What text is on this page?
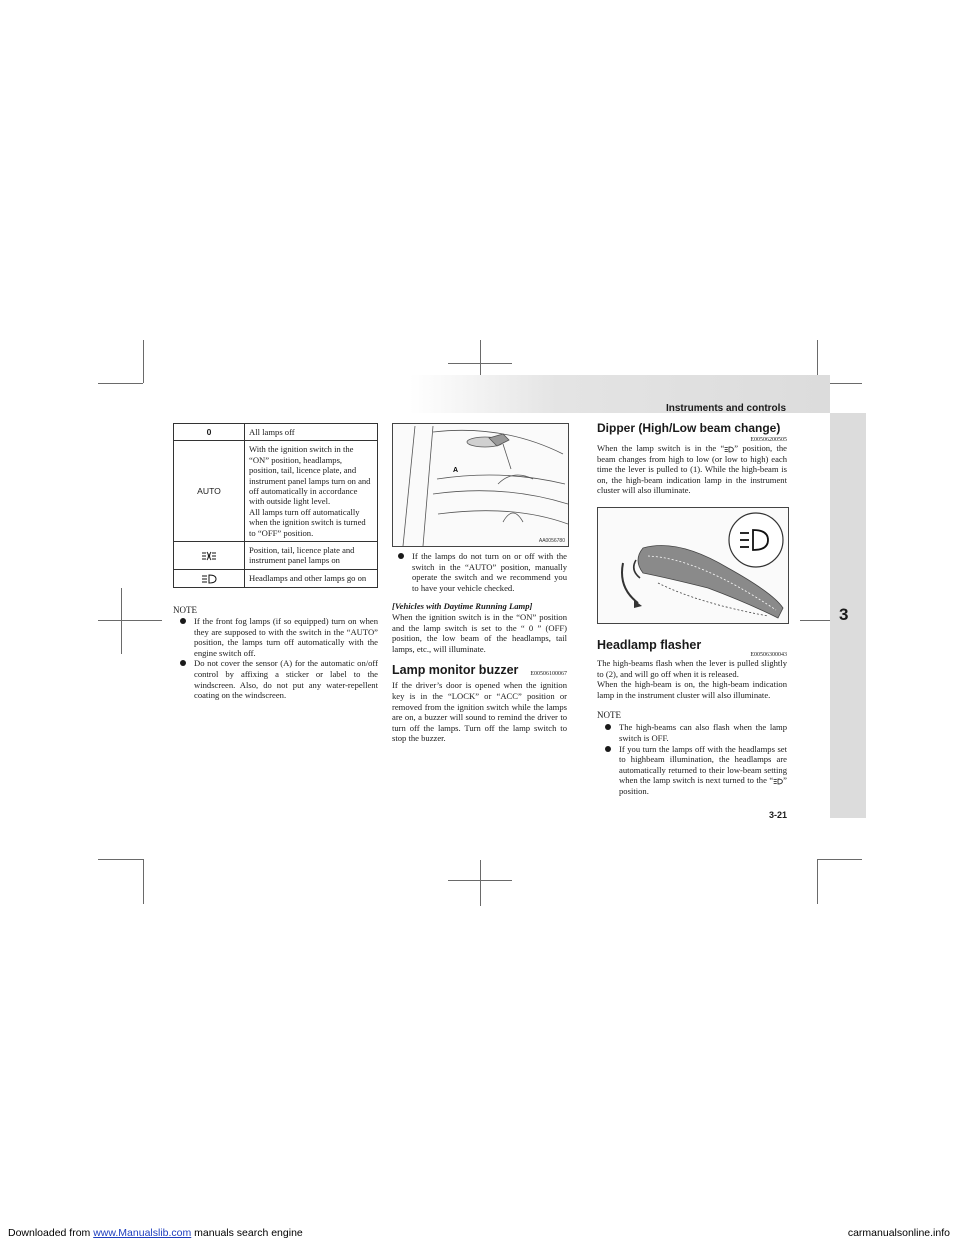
Instruments and controls
3
0	All lamps off
AUTO	With the ignition switch in the “ON” position, headlamps, position, tail, licence plate, and instrument panel lamps turn on and off automatically in accordance with outside light level.
All lamps turn off automatically when the ignition switch is turned to “OFF” position.
	Position, tail, licence plate and instrument panel lamps on
	Headlamps and other lamps go on
NOTE
If the front fog lamps (if so equipped) turn on when they are supposed to with the switch in the “AUTO” position, the lamps turn off automatically with the engine switch off.
Do not cover the sensor (A) for the automatic on/off control by affixing a sticker or label to the windscreen. Also, do not put any water-repellent coating on the windscreen.
A
AA0056780
If the lamps do not turn on or off with the switch in the “AUTO” position, manually operate the switch and we recommend you to have your vehicle checked.
[Vehicles with Daytime Running Lamp]
When the ignition switch is in the “ON” position and the lamp switch is set to the “ 0 ” (OFF) position, the low beam of the headlamps, tail lamps, etc., will illuminate.
Lamp monitor buzzer E00506100067
If the driver’s door is opened when the ignition key is in the “LOCK” or “ACC” position or removed from the ignition switch while the lamps are on, a buzzer will sound to remind the driver to turn off the lamps. Turn off the lamp switch to stop the buzzer.
Dipper (High/Low beam change)
E00506200505
When the lamp switch is in the “ ” position, the beam changes from high to low (or low to high) each time the lever is pulled to (1). While the high-beam is on, the high-beam indication lamp in the instrument cluster will also illuminate.
Headlamp flasher
E00506300043
The high-beams flash when the lever is pulled slightly to (2), and will go off when it is released.
When the high-beam is on, the high-beam indication lamp in the instrument cluster will also illuminate.
NOTE
The high-beams can also flash when the lamp switch is OFF.
If you turn the lamps off with the headlamps set to highbeam illumination, the headlamps are automatically returned to their low-beam setting when the lamp switch is next turned to the “ ” position.
3-21
Downloaded from www.Manualslib.com manuals search engine	carmanualsonline.info
